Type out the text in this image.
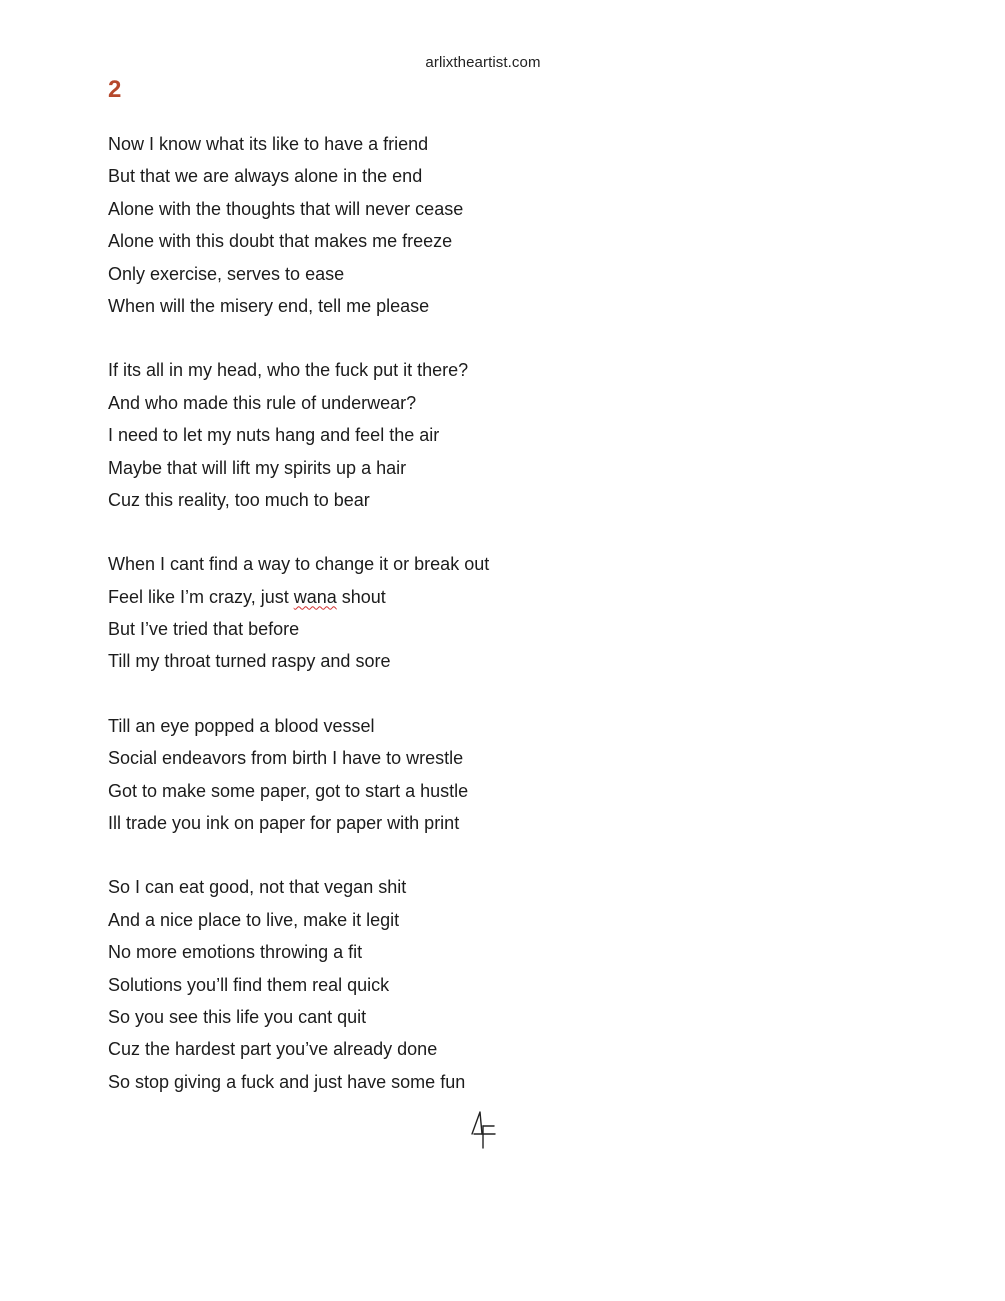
arlixtheartist.com
2
Now I know what its like to have a friend
But that we are always alone in the end
Alone with the thoughts that will never cease
Alone with this doubt that makes me freeze
Only exercise, serves to ease
When will the misery end, tell me please
If its all in my head, who the fuck put it there?
And who made this rule of underwear?
I need to let my nuts hang and feel the air
Maybe that will lift my spirits up a hair
Cuz this reality, too much to bear
When I cant find a way to change it or break out
Feel like I’m crazy, just wana shout
But I’ve tried that before
Till my throat turned raspy and sore
Till an eye popped a blood vessel
Social endeavors from birth I have to wrestle
Got to make some paper, got to start a hustle
Ill trade you ink on paper for paper with print
So I can eat good, not that vegan shit
And a nice place to live, make it legit
No more emotions throwing a fit
Solutions you’ll find them real quick
So you see this life you cant quit
Cuz the hardest part you’ve already done
So stop giving a fuck and just have some fun
